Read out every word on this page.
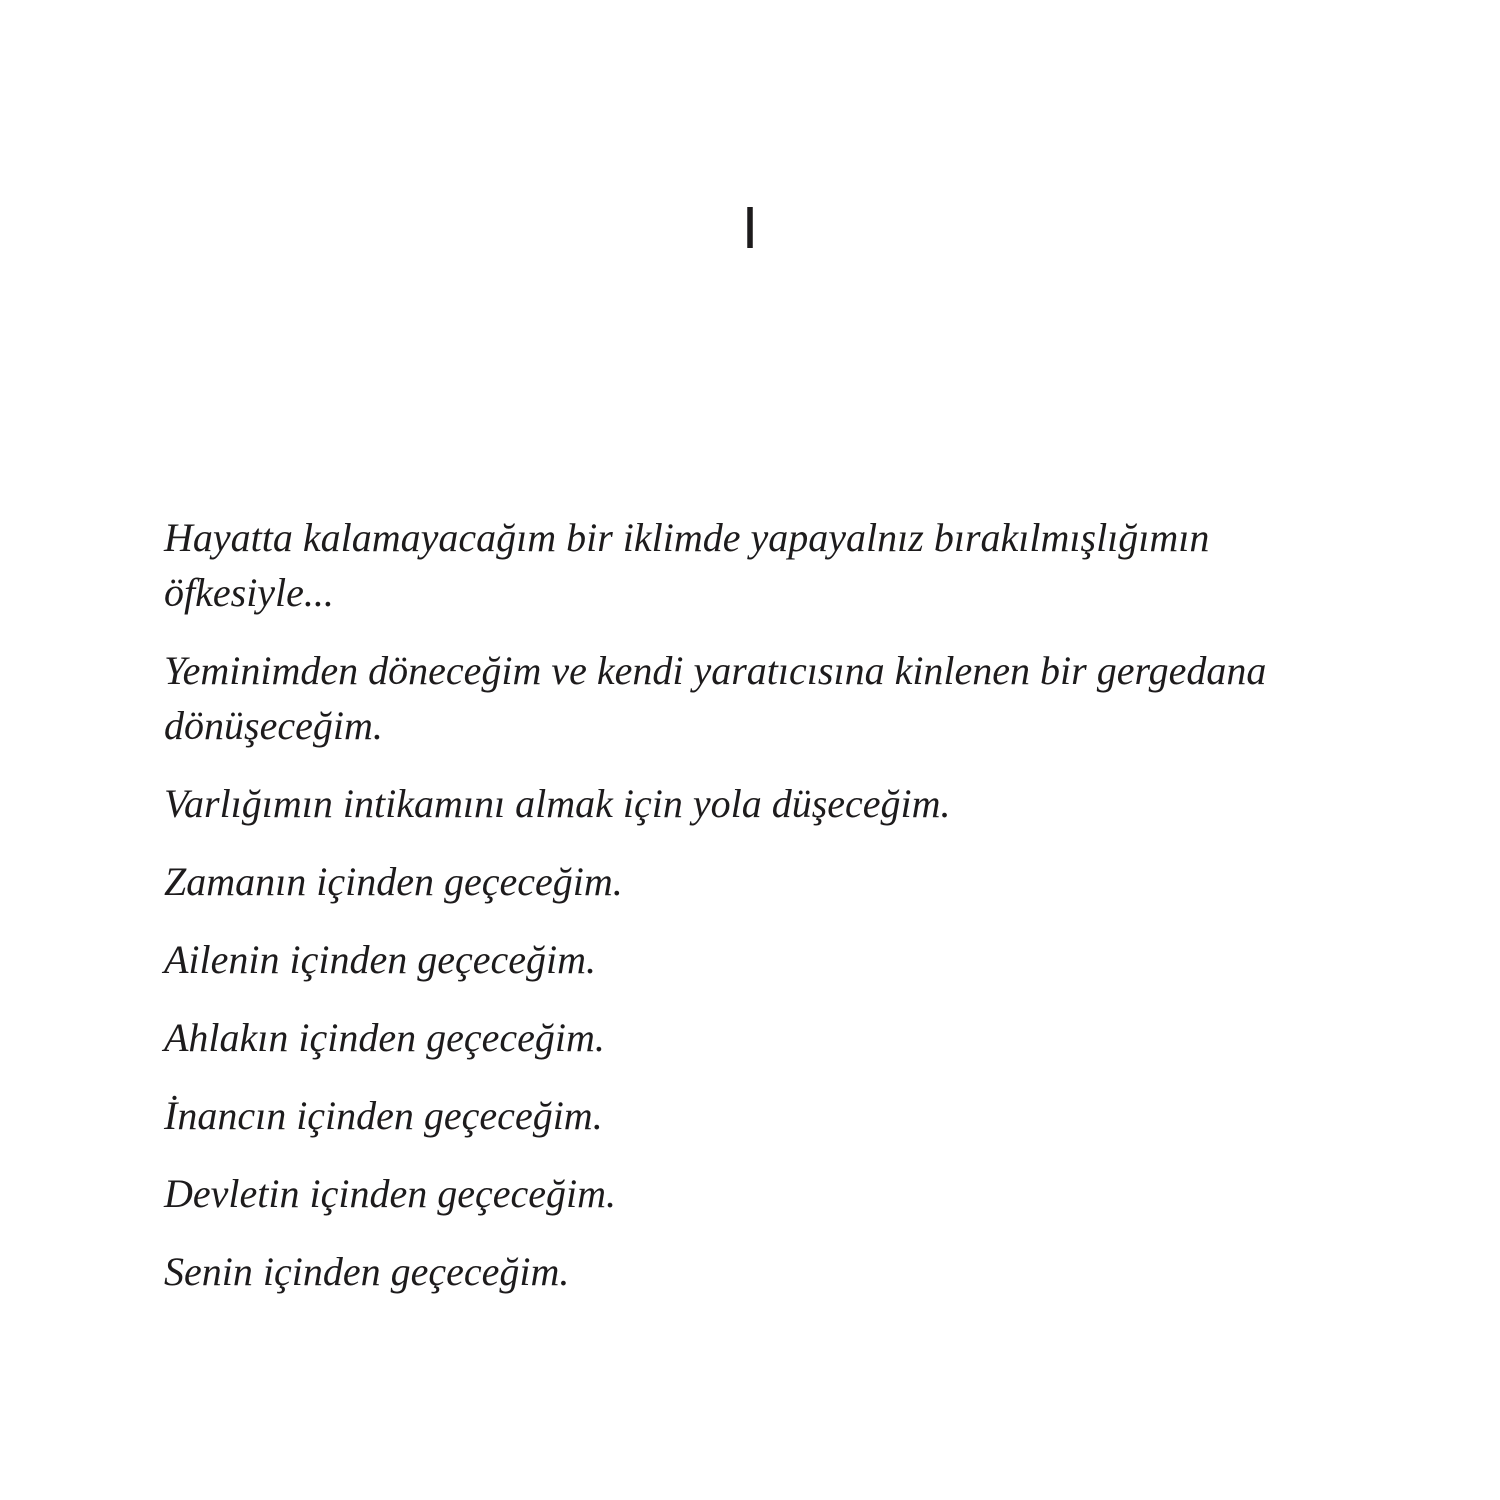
I

Hayatta kalamayacağım bir iklimde yapayalnız bırakılmışlığımın
öfkesiyle...

Yeminimden döneceğim ve kendi yaratıcısına kinlenen bir gergedana
dönüşeceğim.

Varlığımın intikamını almak için yola düşeceğim.

Zamanın içinden geçeceğim.

Ailenin içinden geçeceğim.

Ahlakın içinden geçeceğim.

İnancın içinden geçeceğim.

Devletin içinden geçeceğim.

Senin içinden geçeceğim.
